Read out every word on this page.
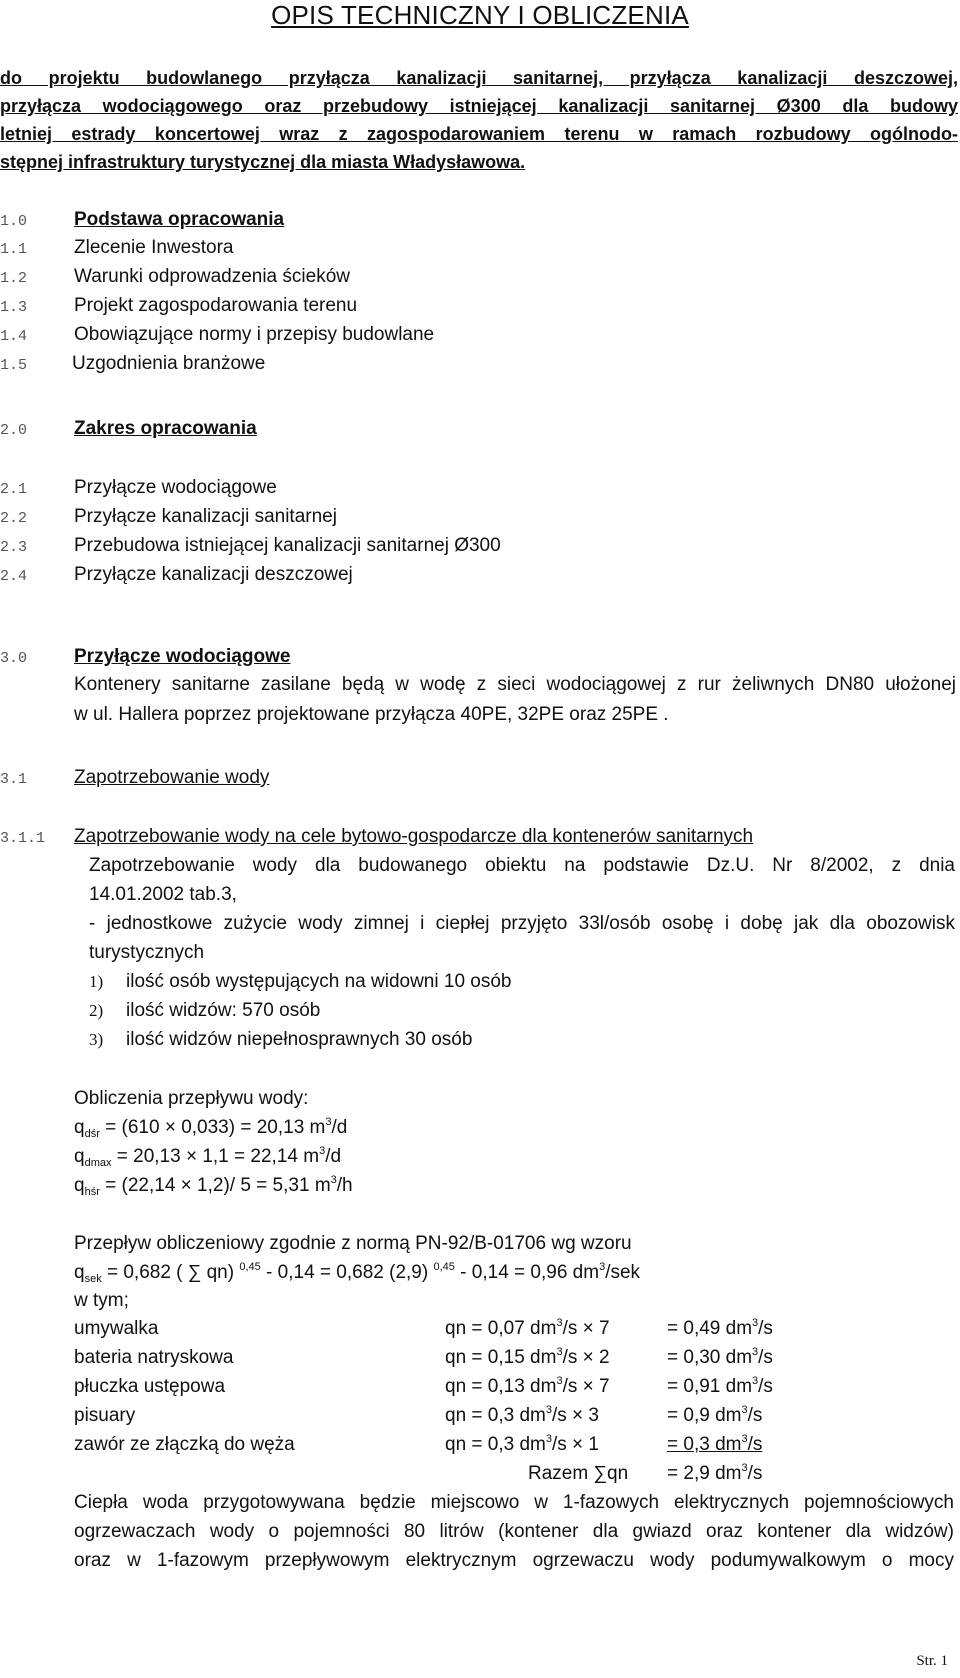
OPIS TECHNICZNY I OBLICZENIA
do projektu budowlanego przyłącza kanalizacji sanitarnej, przyłącza kanalizacji deszczowej,
przyłącza wodociągowego oraz przebudowy istniejącej kanalizacji sanitarnej Ø300 dla budowy
letniej estrady koncertowej wraz z zagospodarowaniem terenu w ramach rozbudowy ogólnodo-
stępnej infrastruktury turystycznej dla miasta Władysławowa.
1.0 Podstawa opracowania
1.1 Zlecenie Inwestora
1.2 Warunki odprowadzenia ścieków
1.3 Projekt zagospodarowania terenu
1.4 Obowiązujące normy i przepisy budowlane
1.5 Uzgodnienia branżowe
2.0 Zakres opracowania
2.1 Przyłącze wodociągowe
2.2 Przyłącze kanalizacji sanitarnej
2.3 Przebudowa istniejącej kanalizacji sanitarnej Ø300
2.4 Przyłącze kanalizacji deszczowej
3.0 Przyłącze wodociągowe
Kontenery sanitarne zasilane będą w wodę z sieci wodociągowej z rur żeliwnych DN80 ułożonej
w ul. Hallera poprzez projektowane przyłącza 40PE, 32PE oraz 25PE .
3.1 Zapotrzebowanie wody
3.1.1 Zapotrzebowanie wody na cele bytowo-gospodarcze dla kontenerów sanitarnych
Zapotrzebowanie wody dla budowanego obiektu na podstawie Dz.U. Nr 8/2002, z dnia
14.01.2002 tab.3,
- jednostkowe zużycie wody zimnej i ciepłej przyjęto 33l/osób osobę i dobę jak dla obozowisk
turystycznych
1) ilość osób występujących na widowni 10 osób
2) ilość widzów: 570 osób
3) ilość widzów niepełnosprawnych 30 osób
Obliczenia przepływu wody:
$q_{dśr} = (610 \times 0,033) = 20,13$ $m^3/d$
$q_{dmax} = 20,13 \times 1,1 = 22,14$ $m^3/d$
$q_{hśr} = (22,14 \times 1,2)/$ 5 = 5,31 $m^3/h$
Przepływ obliczeniowy zgodnie z normą PN-92/B-01706 wg wzoru
$q_{sek} = 0,682$ ( ∑ qn) $^{0,45}$ - 0,14 = 0,682 (2,9) $^{0,45}$ - 0,14 = 0,96 $dm^3$/sek
w tym;
umywalka	qn = 0,07 $dm^3/s \times 7$	= 0,49 $dm^3/s$
bateria natryskowa	qn = 0,15 $dm^3/s \times 2$	= 0,30 $dm^3/s$
płuczka ustępowa	qn = 0,13 $dm^3/s \times 7$	= 0,91 $dm^3/s$
pisuary	qn = 0,3 $dm^3/s \times 3$	= 0,9 $dm^3/s$
zawór ze złączką do węża	qn = 0,3 $dm^3/s \times 1$	= 0,3 $dm^3/s$
Razem ∑qn = 2,9 $dm^3/s$
Ciepła woda przygotowywana będzie miejscowo w 1-fazowych elektrycznych pojemnościowych
ogrzewaczach wody o pojemności 80 litrów (kontener dla gwiazd oraz kontener dla widzów)
oraz w 1-fazowym przepływowym elektrycznym ogrzewaczu wody podumywalkowym o mocy
Str. 1
